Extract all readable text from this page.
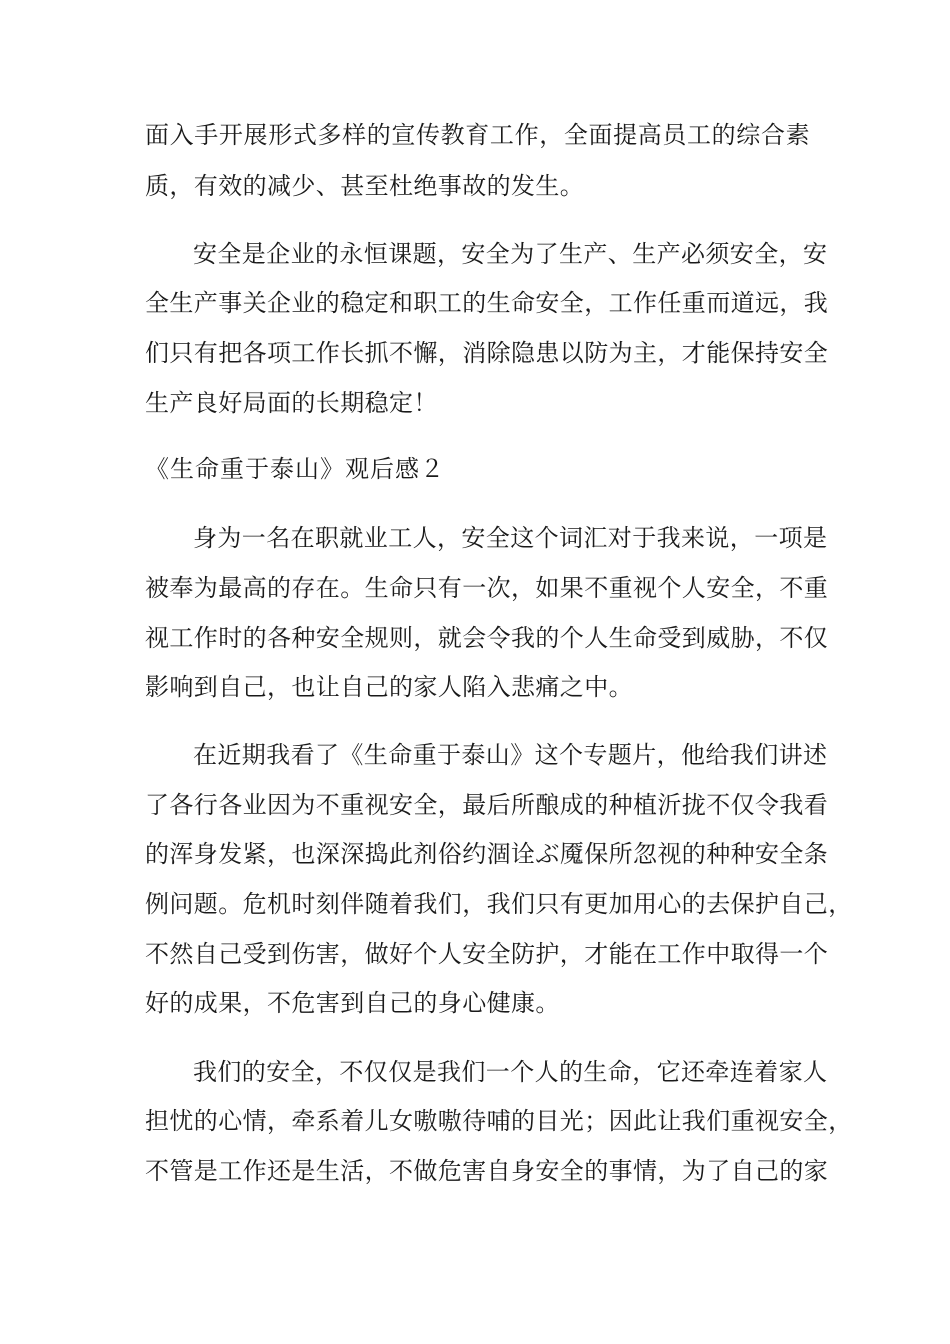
面入手开展形式多样的宣传教育工作，全面提高员工的综合素
质，有效的减少、甚至杜绝事故的发生。
安全是企业的永恒课题，安全为了生产、生产必须安全，安
全生产事关企业的稳定和职工的生命安全，工作任重而道远，我
们只有把各项工作长抓不懈，消除隐患以防为主，才能保持安全
生产良好局面的长期稳定！
《生命重于泰山》观后感２
身为一名在职就业工人，安全这个词汇对于我来说，一项是
被奉为最高的存在。生命只有一次，如果不重视个人安全，不重
视工作时的各种安全规则，就会令我的个人生命受到威胁，不仅
影响到自己，也让自己的家人陷入悲痛之中。
在近期我看了《生命重于泰山》这个专题片，他给我们讲述
了各行各业因为不重视安全，最后所酿成的种植沂拢不仅令我看
的浑身发紧，也深深捣此剂俗约涸诠ぶ魇保所忽视的种种安全条
例问题。危机时刻伴随着我们，我们只有更加用心的去保护自己，
不然自己受到伤害，做好个人安全防护，才能在工作中取得一个
好的成果，不危害到自己的身心健康。
我们的安全，不仅仅是我们一个人的生命，它还牵连着家人
担忧的心情，牵系着儿女嗷嗷待哺的目光；因此让我们重视安全，
不管是工作还是生活，不做危害自身安全的事情，为了自己的家
